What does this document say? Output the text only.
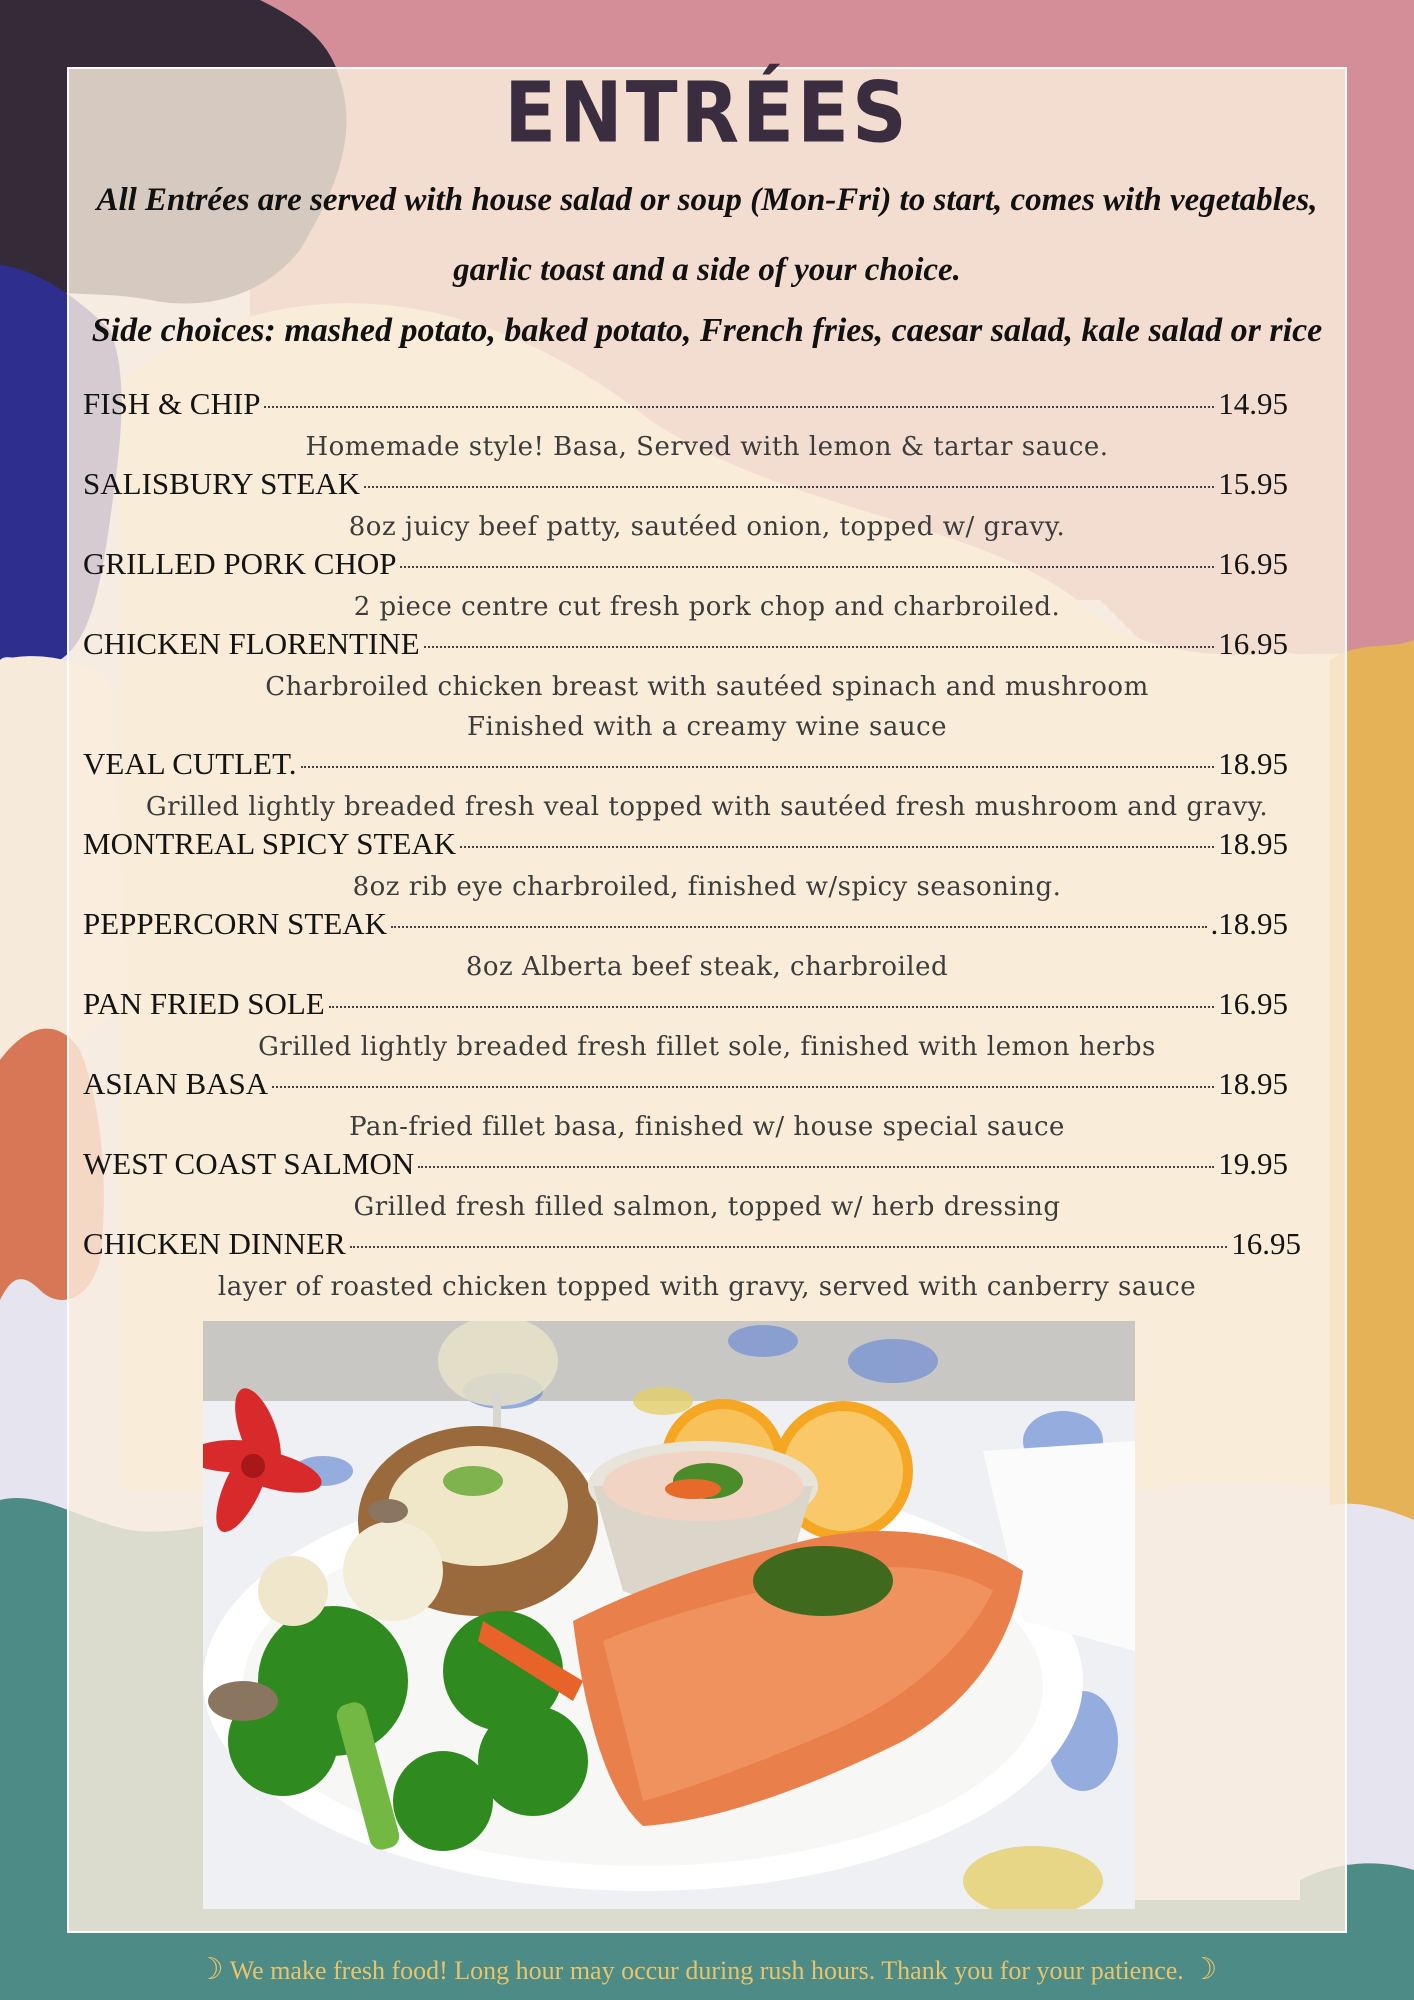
ENTRÉES

All Entrées are served with house salad or soup (Mon-Fri) to start, comes with vegetables, garlic toast and a side of your choice.

Side choices: mashed potato, baked potato, French fries, caesar salad, kale salad or rice

FISH & CHIP	14.95
Homemade style! Basa, Served with lemon & tartar sauce.
SALISBURY STEAK	15.95
8oz juicy beef patty, sautéed onion, topped w/ gravy.
GRILLED PORK CHOP	16.95
2 piece centre cut fresh pork chop and charbroiled.
CHICKEN FLORENTINE	16.95
Charbroiled chicken breast with sautéed spinach and mushroom
Finished with a creamy wine sauce
VEAL CUTLET.	18.95
Grilled lightly breaded fresh veal topped with sautéed fresh mushroom and gravy.
MONTREAL SPICY STEAK	18.95
8oz rib eye charbroiled, finished w/spicy seasoning.
PEPPERCORN STEAK	.18.95
8oz Alberta beef steak, charbroiled
PAN FRIED SOLE	16.95
Grilled lightly breaded fresh fillet sole, finished with lemon herbs
ASIAN BASA	18.95
Pan-fried fillet basa, finished w/ house special sauce
WEST COAST SALMON	19.95
Grilled fresh filled salmon, topped w/ herb dressing
CHICKEN DINNER	16.95
layer of roasted chicken topped with gravy, served with canberry sauce
☽ We make fresh food! Long hour may occur during rush hours. Thank you for your patience. ☽
